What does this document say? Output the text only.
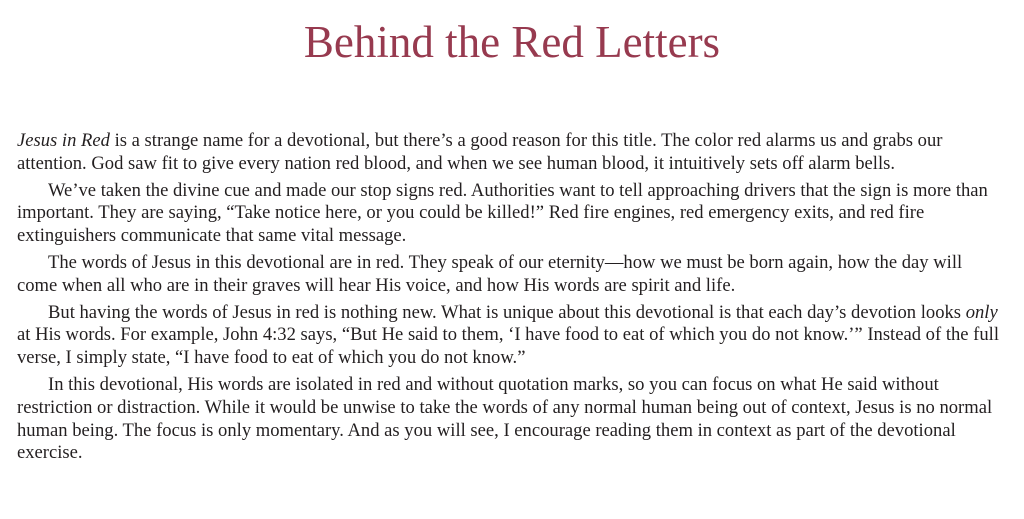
Behind the Red Letters

Jesus in Red is a strange name for a devotional, but there’s a good reason for this title. The color red alarms us and grabs our attention. God saw fit to give every nation red blood, and when we see human blood, it intuitively sets off alarm bells.

We’ve taken the divine cue and made our stop signs red. Authorities want to tell approaching drivers that the sign is more than important. They are saying, “Take notice here, or you could be killed!” Red fire engines, red emergency exits, and red fire extinguishers communicate that same vital message.

The words of Jesus in this devotional are in red. They speak of our eternity—how we must be born again, how the day will come when all who are in their graves will hear His voice, and how His words are spirit and life.

But having the words of Jesus in red is nothing new. What is unique about this devotional is that each day’s devotion looks only at His words. For example, John 4:32 says, “But He said to them, ‘I have food to eat of which you do not know.’” Instead of the full verse, I simply state, “I have food to eat of which you do not know.”

In this devotional, His words are isolated in red and without quotation marks, so you can focus on what He said without restriction or distraction. While it would be unwise to take the words of any normal human being out of context, Jesus is no normal human being. The focus is only momentary. And as you will see, I encourage reading them in context as part of the devotional exercise.
